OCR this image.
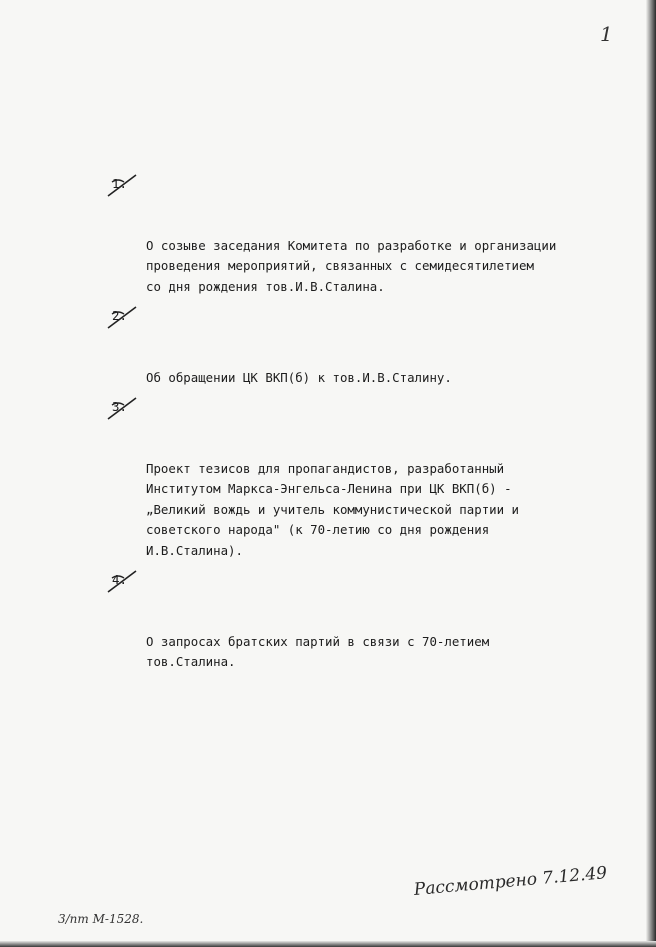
1

1.

О созыве заседания Комитета по разработке и организации
проведения мероприятий, связанных с семидесятилетием
со дня рождения тов.И.В.Сталина.

2.

Об обращении ЦК ВКП(б) к тов.И.В.Сталину.

3.

Проект тезисов для пропагандистов, разработанный
Институтом Маркса-Энгельса-Ленина при ЦК ВКП(б) -
„Великий вождь и учитель коммунистической партии и
советского народа" (к 70-летию со дня рождения
И.В.Сталина).

4.

О запросах братских партий в связи с 70-летием
тов.Сталина.

Рассмотрено 7.12.49
3/пт М-1528.
